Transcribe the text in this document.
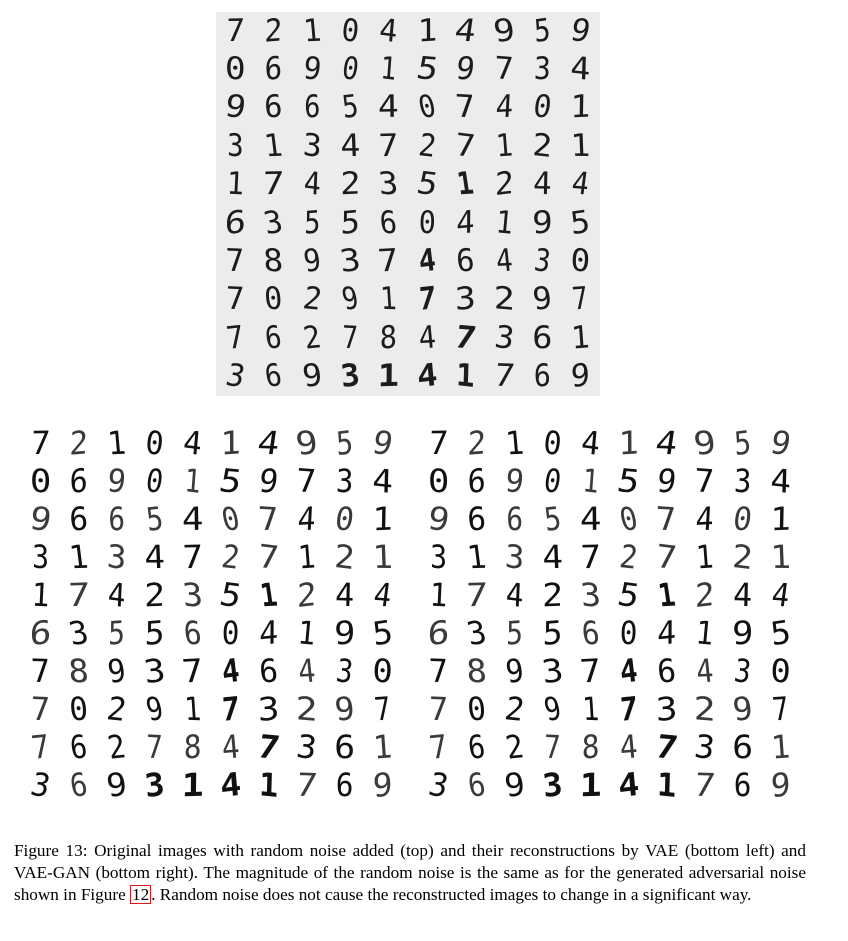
7 2 1 0 4 1 4 9 5 9
0 6 9 0 1 5 9 7 3 4
9 6 6 5 4 0 7 4 0 1
3 1 3 4 7 2 7 1 2 1
1 7 4 2 3 5 1 2 4 4
6 3 5 5 6 0 4 1 9 5
7 8 9 3 7 4 6 4 3 0
7 0 2 9 1 7 3 2 9 7
7 6 2 7 8 4 7 3 6 1
3 6 9 3 1 4 1 7 6 9
7 2 1 0 4 1 4 9 5 9
0 6 9 0 1 5 9 7 3 4
9 6 6 5 4 0 7 4 0 1
3 1 3 4 7 2 7 1 2 1
1 7 4 2 3 5 1 2 4 4
6 3 5 5 6 0 4 1 9 5
7 8 9 3 7 4 6 4 3 0
7 0 2 9 1 7 3 2 9 7
7 6 2 7 8 4 7 3 6 1
3 6 9 3 1 4 1 7 6 9
7 2 1 0 4 1 4 9 5 9
0 6 9 0 1 5 9 7 3 4
9 6 6 5 4 0 7 4 0 1
3 1 3 4 7 2 7 1 2 1
1 7 4 2 3 5 1 2 4 4
6 3 5 5 6 0 4 1 9 5
7 8 9 3 7 4 6 4 3 0
7 0 2 9 1 7 3 2 9 7
7 6 2 7 8 4 7 3 6 1
3 6 9 3 1 4 1 7 6 9

Figure 13: Original images with random noise added (top) and their reconstructions by VAE (bottom left) and VAE-GAN (bottom right). The magnitude of the random noise is the same as for the generated adversarial noise shown in Figure 12 . Random noise does not cause the reconstructed images to change in a significant way.
